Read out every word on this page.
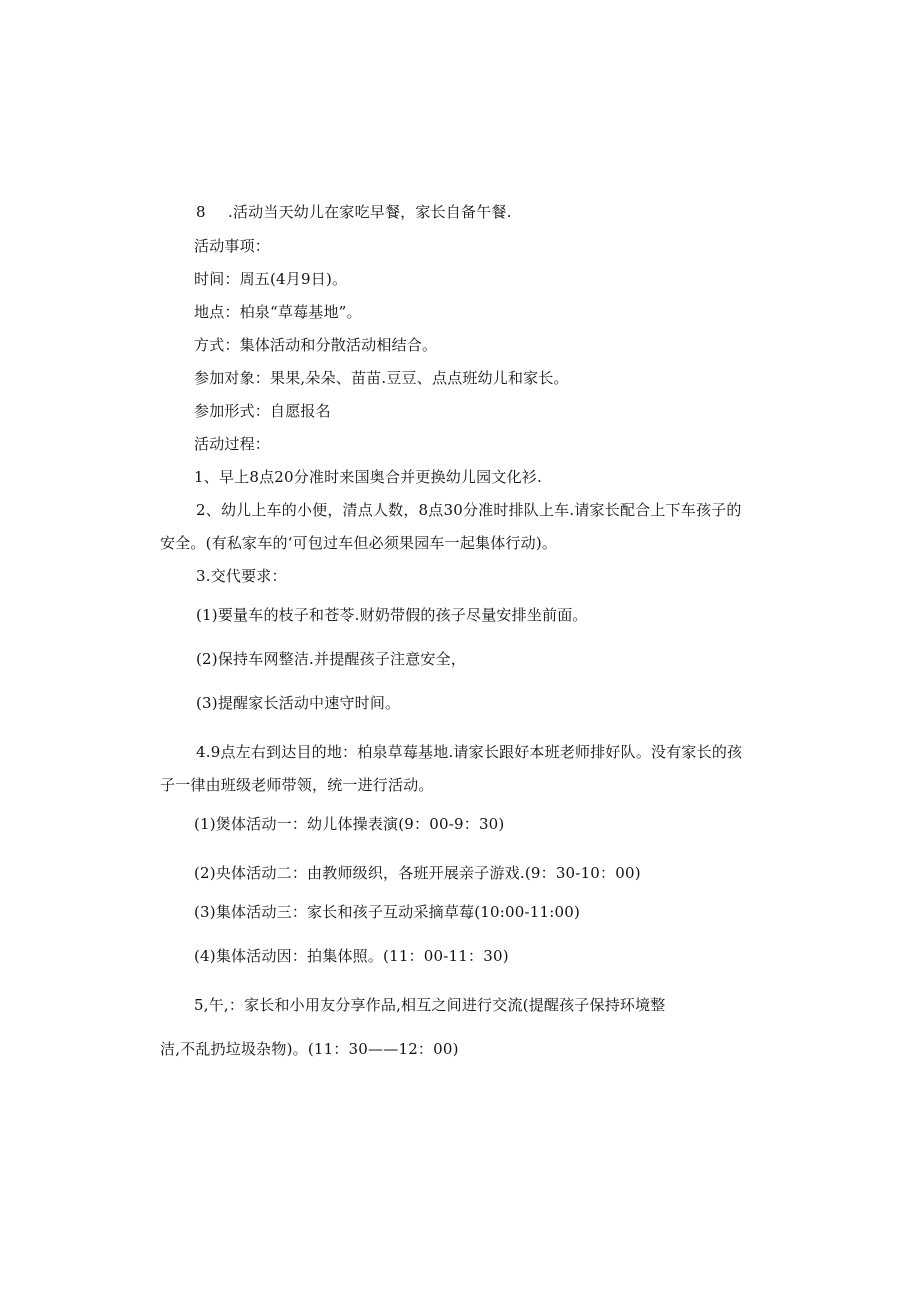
8 .活动当天幼儿在家吃早餐，家长自备午餐.
活动事项：
时间：周五(4月9日)。
地点：柏泉“草莓基地”。
方式：集体活动和分散活动相结合。
参加对象：果果,朵朵、苗苗.豆豆、点点班幼儿和家长。
参加形式：自愿报名
活动过程：
1、早上8点20分准时来国奥合并更换幼儿园文化衫.
2、幼儿上车的小便，清点人数，8点30分准时排队上车.请家长配合上下车孩子的
安全。(有私家车的‘可包过车但必须果园车一起集体行动)。
3.交代要求：
(1)要量车的枝子和苍苓.财奶带假的孩子尽量安排坐前面。
(2)保持车网整洁.并提醒孩子注意安全，
(3)提醒家长活动中速守时间。
4.9点左右到达目的地：柏泉草莓基地.请家长跟好本班老师排好队。没有家长的孩
子一律由班级老师带领，统一进行活动。
(1)煲体活动一：幼儿体操表演(9：00-9：30)
(2)央体活动二：由教师级织，各班开展亲子游戏.(9：30-10：00)
(3)集体活动三：家长和孩子互动采摘草莓(10:00-11:00)
(4)集体活动因：拍集体照。(11：00-11：30)
5,午,：家长和小用友分享作品,相互之间进行交流(提醒孩子保持环境整
洁,不乱扔垃圾杂物)。(11：30——12：00)
